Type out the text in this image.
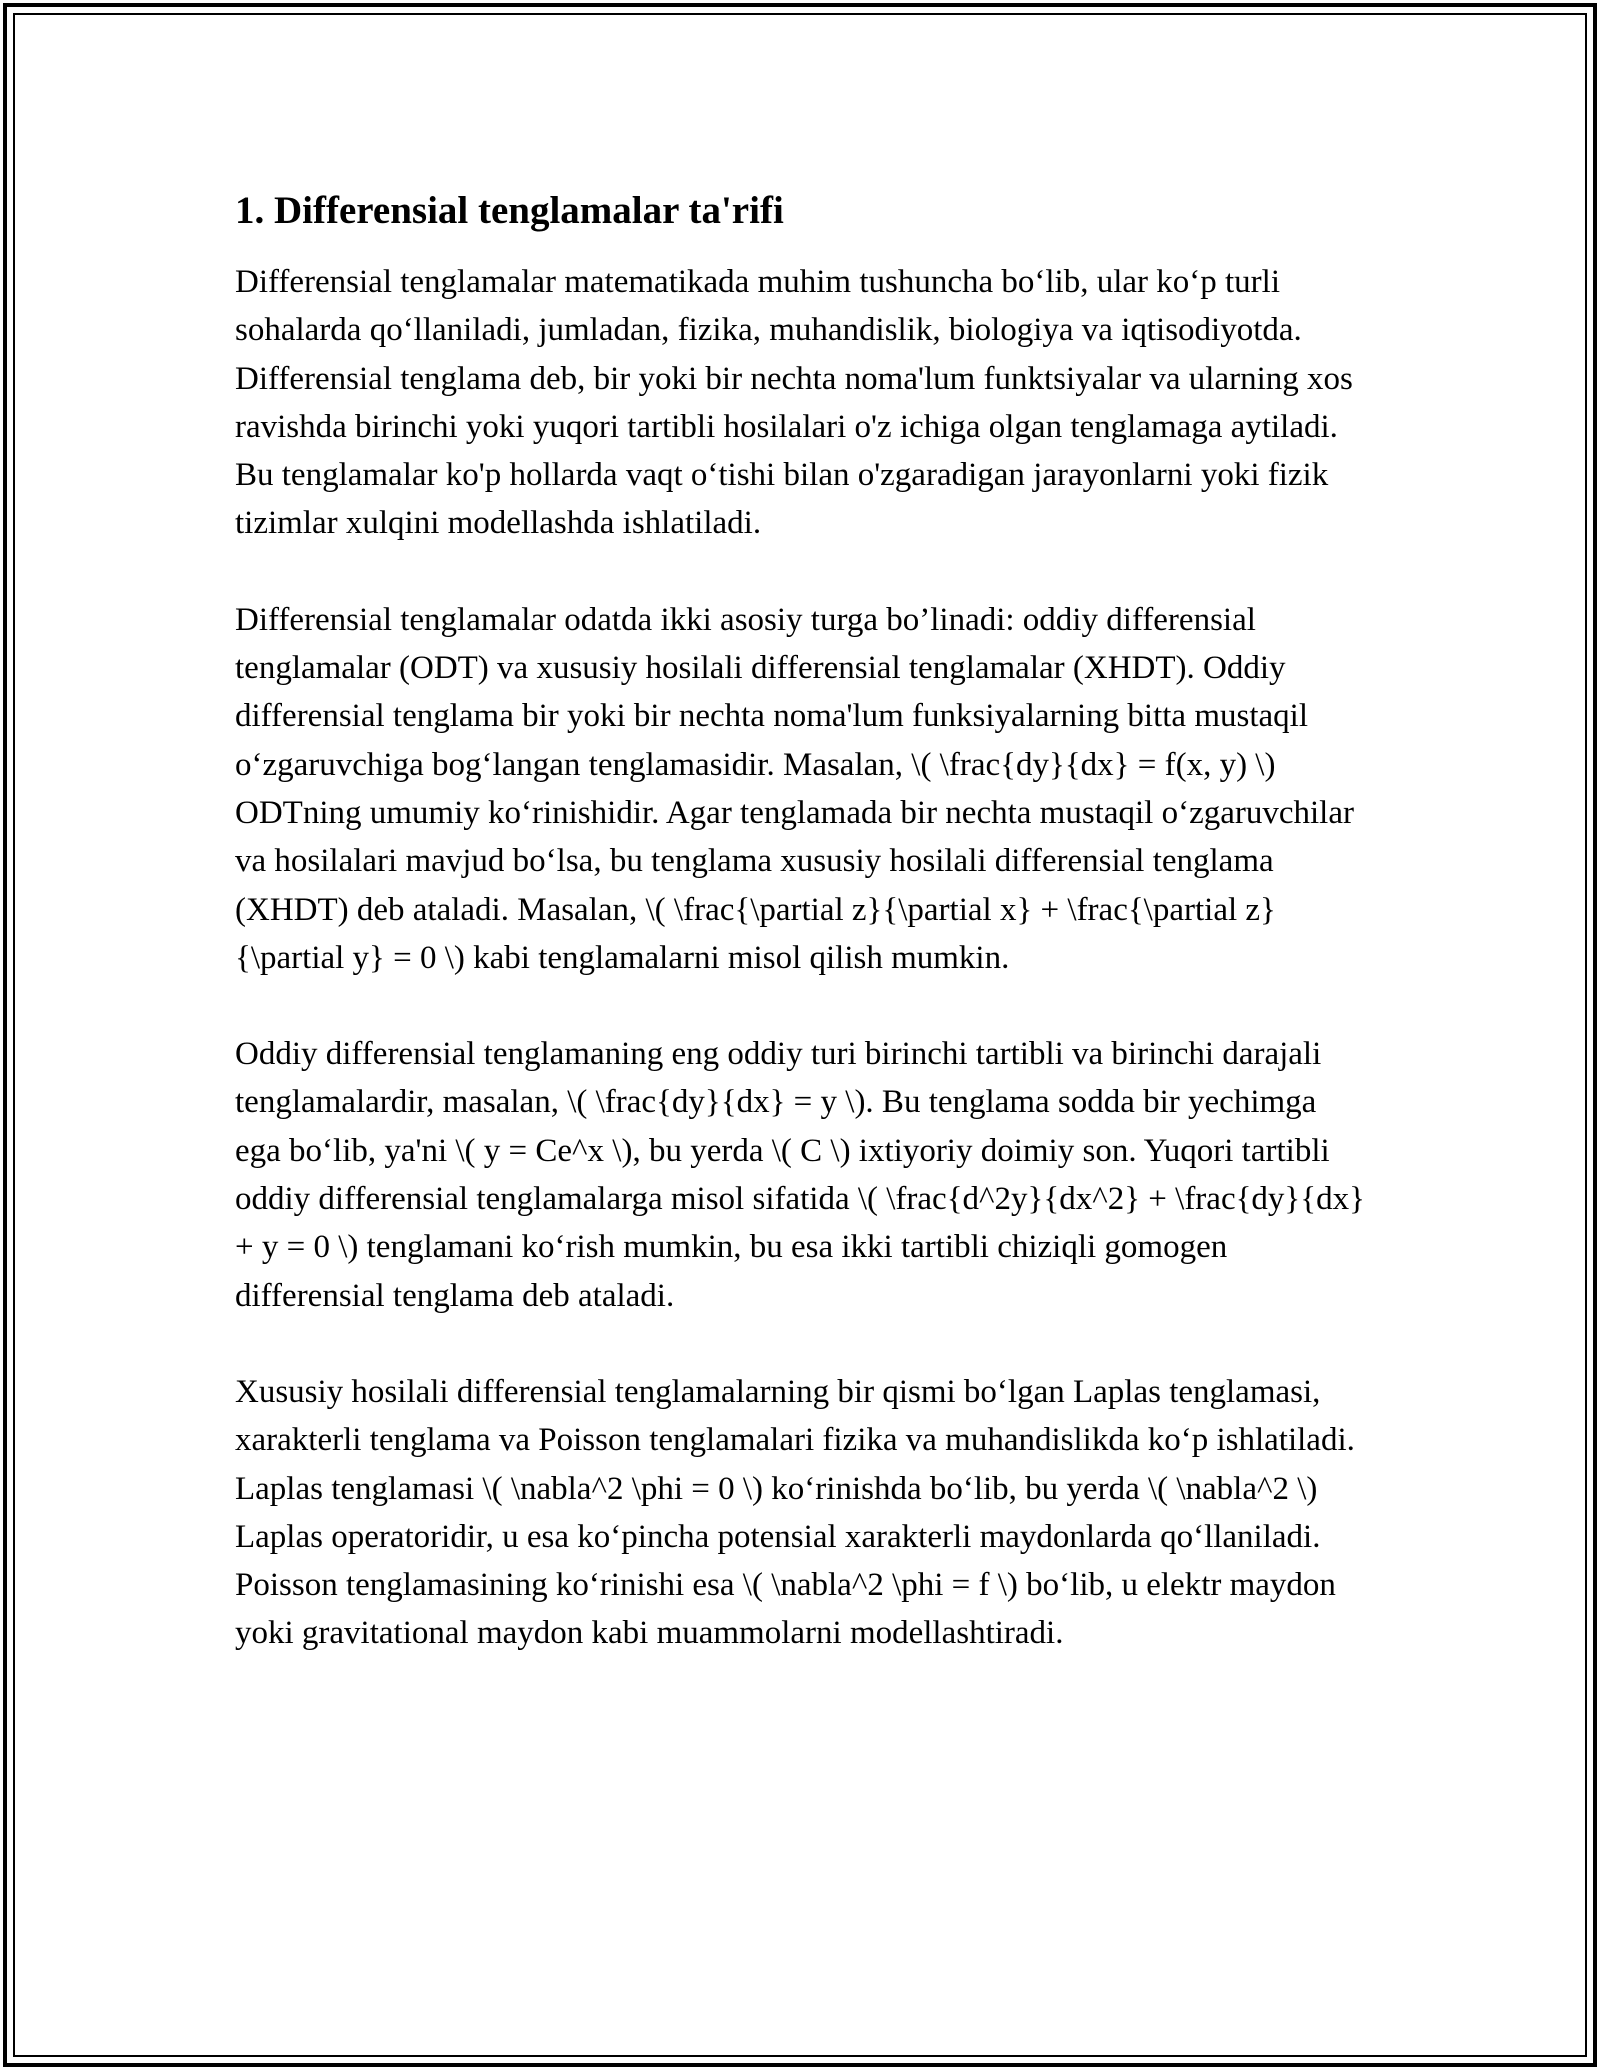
1. Differensial tenglamalar ta'rifi

Differensial tenglamalar matematikada muhim tushuncha bo‘lib, ular ko‘p turli sohalarda qo‘llaniladi, jumladan, fizika, muhandislik, biologiya va iqtisodiyotda. Differensial tenglama deb, bir yoki bir nechta noma'lum funktsiyalar va ularning xos ravishda birinchi yoki yuqori tartibli hosilalari o'z ichiga olgan tenglamaga aytiladi. Bu tenglamalar ko'p hollarda vaqt o‘tishi bilan o'zgaradigan jarayonlarni yoki fizik tizimlar xulqini modellashda ishlatiladi.

Differensial tenglamalar odatda ikki asosiy turga bo’linadi: oddiy differensial tenglamalar (ODT) va xususiy hosilali differensial tenglamalar (XHDT). Oddiy differensial tenglama bir yoki bir nechta noma'lum funksiyalarning bitta mustaqil o‘zgaruvchiga bog‘langan tenglamasidir. Masalan, \( \frac{dy}{dx} = f(x, y) \) ODTning umumiy ko‘rinishidir. Agar tenglamada bir nechta mustaqil o‘zgaruvchilar va hosilalari mavjud bo‘lsa, bu tenglama xususiy hosilali differensial tenglama (XHDT) deb ataladi. Masalan, \( \frac{\partial z}{\partial x} + \frac{\partial z}{\partial y} = 0 \) kabi tenglamalarni misol qilish mumkin.

Oddiy differensial tenglamaning eng oddiy turi birinchi tartibli va birinchi darajali tenglamalardir, masalan, \( \frac{dy}{dx} = y \). Bu tenglama sodda bir yechimga ega bo‘lib, ya'ni \( y = Ce^x \), bu yerda \( C \) ixtiyoriy doimiy son. Yuqori tartibli oddiy differensial tenglamalarga misol sifatida \( \frac{d^2y}{dx^2} + \frac{dy}{dx} + y = 0 \) tenglamani ko‘rish mumkin, bu esa ikki tartibli chiziqli gomogen differensial tenglama deb ataladi.

Xususiy hosilali differensial tenglamalarning bir qismi bo‘lgan Laplas tenglamasi, xarakterli tenglama va Poisson tenglamalari fizika va muhandislikda ko‘p ishlatiladi. Laplas tenglamasi \( \nabla^2 \phi = 0 \) ko‘rinishda bo‘lib, bu yerda \( \nabla^2 \) Laplas operatoridir, u esa ko‘pincha potensial xarakterli maydonlarda qo‘llaniladi. Poisson tenglamasining ko‘rinishi esa \( \nabla^2 \phi = f \) bo‘lib, u elektr maydon yoki gravitational maydon kabi muammolarni modellashtiradi.
